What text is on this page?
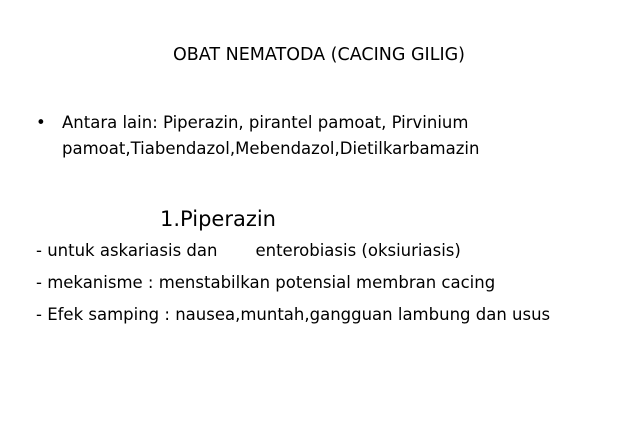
OBAT NEMATODA (CACING GILIG)
• Antara lain: Piperazin, pirantel pamoat, Pirvinium pamoat,Tiabendazol,Mebendazol,Dietilkarbamazin
1.Piperazin
- untuk askariasis dan enterobiasis (oksiuriasis)
- mekanisme : menstabilkan potensial membran cacing
- Efek samping : nausea,muntah,gangguan lambung dan usus
